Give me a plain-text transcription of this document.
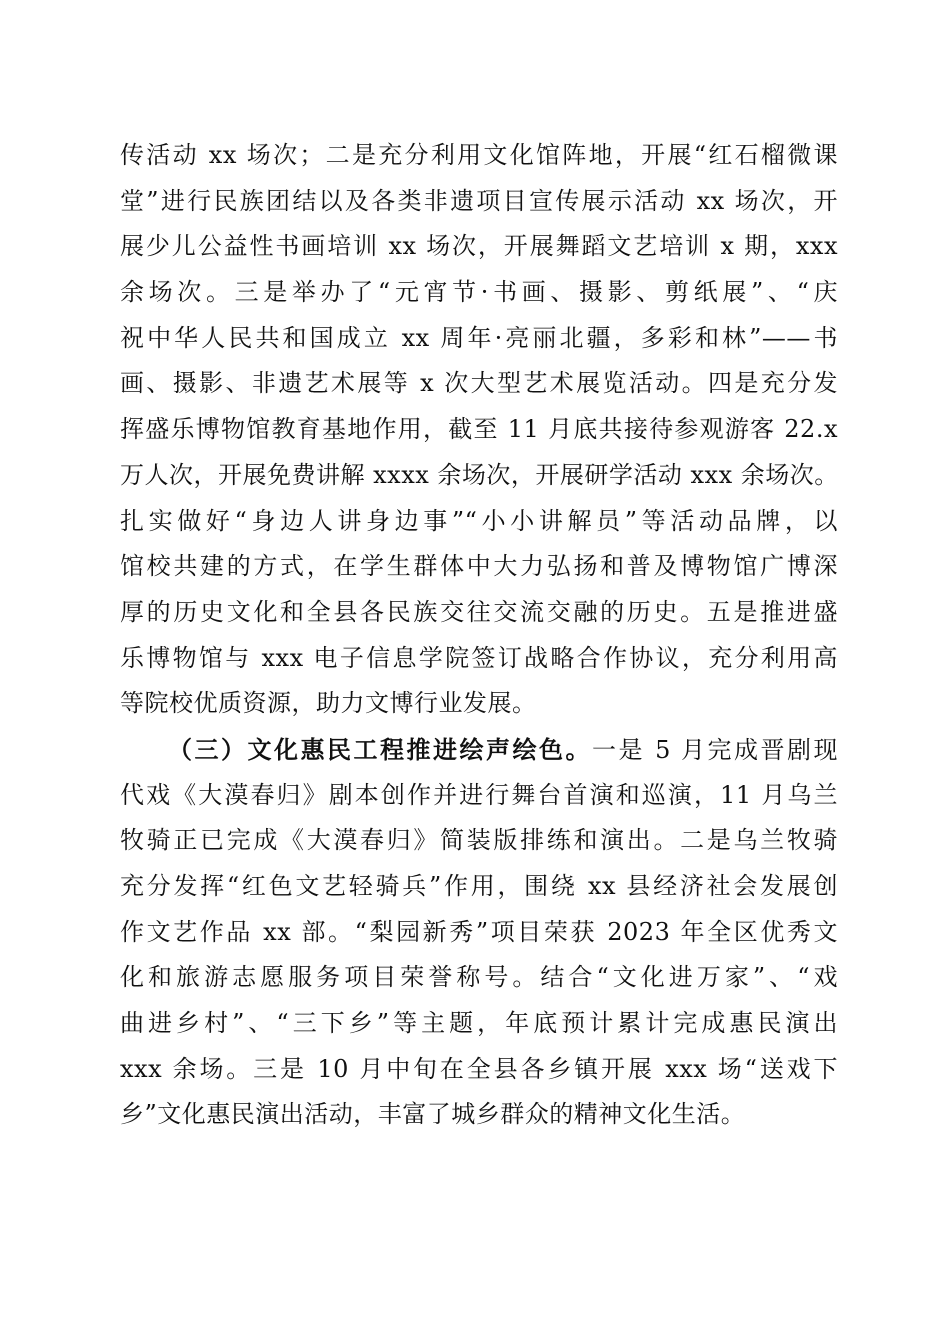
传活动 xx 场次；二是充分利用文化馆阵地，开展“红石榴微课
堂”进行民族团结以及各类非遗项目宣传展示活动 xx 场次，开
展少儿公益性书画培训 xx 场次，开展舞蹈文艺培训 x 期，xxx
余场次。三是举办了“元宵节·书画、摄影、剪纸展”、“庆
祝中华人民共和国成立 xx 周年·亮丽北疆，多彩和林”——书
画、摄影、非遗艺术展等 x 次大型艺术展览活动。四是充分发
挥盛乐博物馆教育基地作用，截至 11 月底共接待参观游客 22.x
万人次，开展免费讲解 xxxx 余场次，开展研学活动 xxx 余场次。
扎实做好“身边人讲身边事”“小小讲解员”等活动品牌，以
馆校共建的方式，在学生群体中大力弘扬和普及博物馆广博深
厚的历史文化和全县各民族交往交流交融的历史。五是推进盛
乐博物馆与 xxx 电子信息学院签订战略合作协议，充分利用高
等院校优质资源，助力文博行业发展。
（三）文化惠民工程推进绘声绘色。一是 5 月完成晋剧现
代戏《大漠春归》剧本创作并进行舞台首演和巡演，11 月乌兰
牧骑正已完成《大漠春归》简装版排练和演出。二是乌兰牧骑
充分发挥“红色文艺轻骑兵”作用，围绕 xx 县经济社会发展创
作文艺作品 xx 部。“梨园新秀”项目荣获 2023 年全区优秀文
化和旅游志愿服务项目荣誉称号。结合“文化进万家”、“戏
曲进乡村”、“三下乡”等主题，年底预计累计完成惠民演出
xxx 余场。三是 10 月中旬在全县各乡镇开展 xxx 场“送戏下
乡”文化惠民演出活动，丰富了城乡群众的精神文化生活。
